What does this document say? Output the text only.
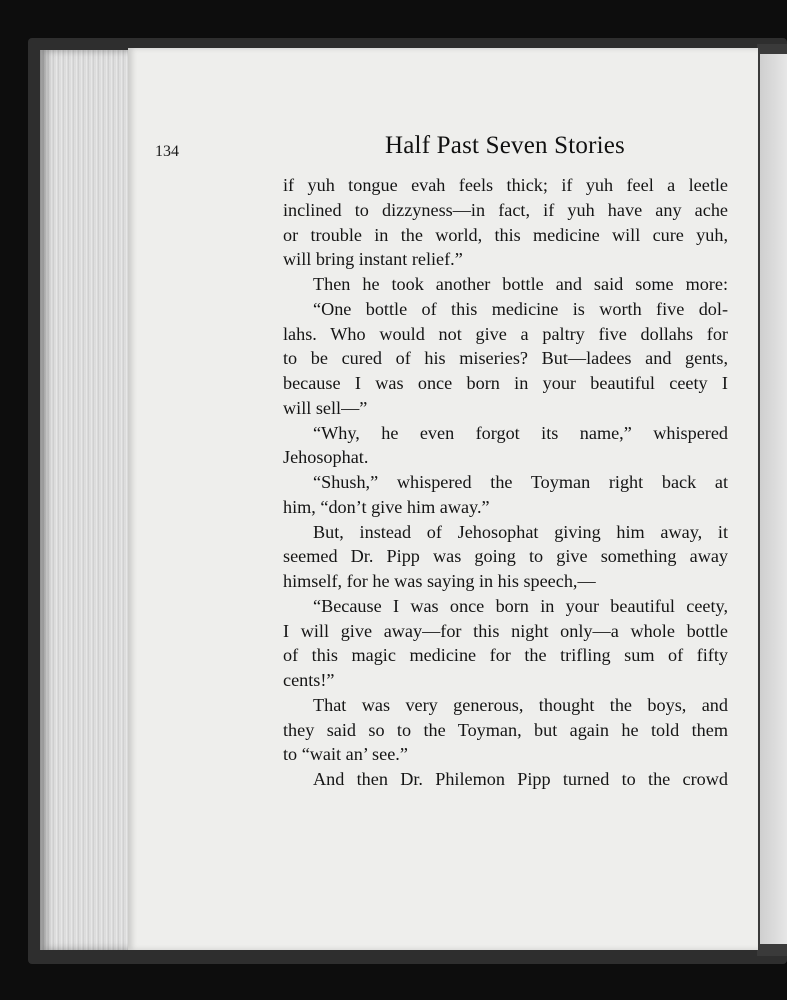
134	Half Past Seven Stories
if yuh tongue evah feels thick; if yuh feel a leetle
inclined to dizzyness—in fact, if yuh have any ache
or trouble in the world, this medicine will cure yuh,
will bring instant relief.”
Then he took another bottle and said some more:
“One bottle of this medicine is worth five dol-
lahs. Who would not give a paltry five dollahs for
to be cured of his miseries? But—ladees and gents,
because I was once born in your beautiful ceety I
will sell—”
“Why, he even forgot its name,” whispered
Jehosophat.
“Shush,” whispered the Toyman right back at
him, “don’t give him away.”
But, instead of Jehosophat giving him away, it
seemed Dr. Pipp was going to give something away
himself, for he was saying in his speech,—
“Because I was once born in your beautiful ceety,
I will give away—for this night only—a whole bottle
of this magic medicine for the trifling sum of fifty
cents!”
That was very generous, thought the boys, and
they said so to the Toyman, but again he told them
to “wait an’ see.”
And then Dr. Philemon Pipp turned to the crowd
